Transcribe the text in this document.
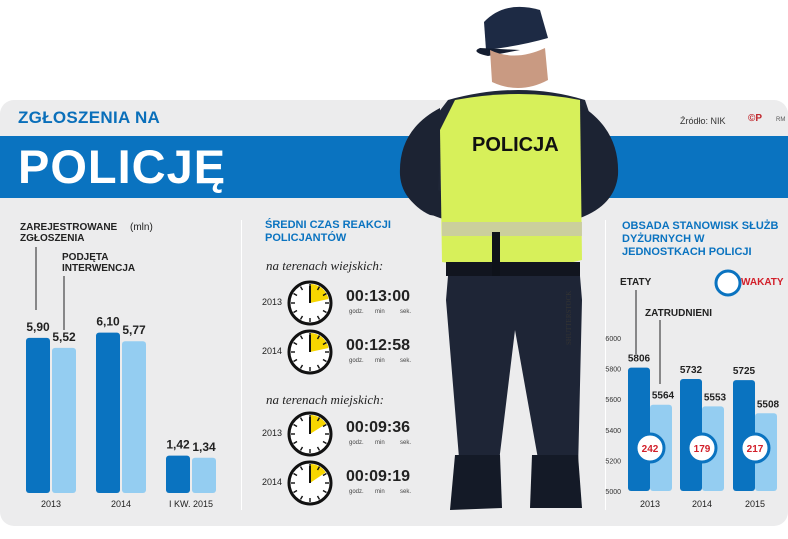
POLICJA
ZGŁOSZENIA NA
POLICJĘ
Źródło: NIK ©P RM
ZAREJESTROWANE ZGŁOSZENIA
(mln)
PODJĘTA INTERWENCJA
5,90
5,52
2013
6,10
5,77
2014
1,42 1,34
I KW. 2015
ŚREDNI CZAS REAKCJI POLICJANTÓW
na terenach wiejskich:
na terenach miejskich:
2013	00:13:00
godz. min	sek.
2014	00:12:58
godz. min	sek.
2013	00:09:36
godz. min	sek.
2014	00:09:19
godz. min	sek.
SHUTTERSTOCK
OBSADA STANOWISK SŁUŻB DYŻURNYCH W JEDNOSTKACH POLICJI
ETATY
ZATRUDNIENI
WAKATY
6000
5800
5600
5400
5200
5000
5806
5564
242
2013
5732
5553
179
2014
5725
5508
217
2015
